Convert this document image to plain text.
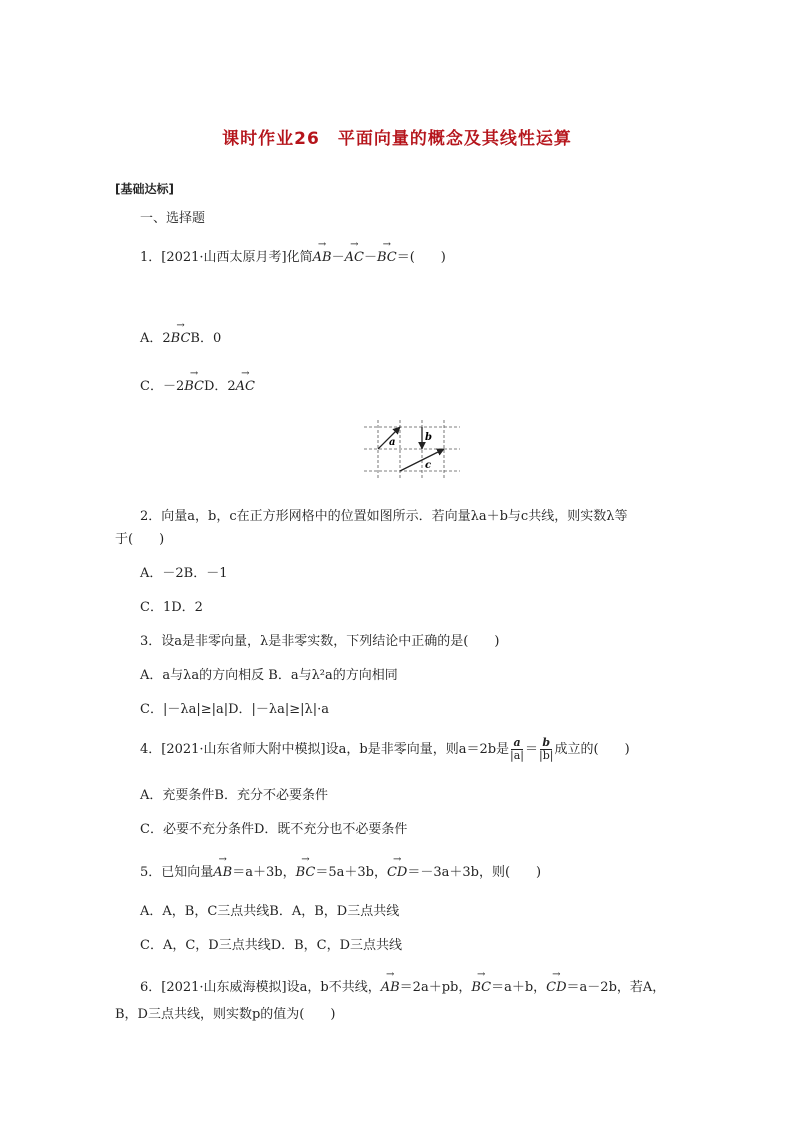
课时作业26　平面向量的概念及其线性运算
[基础达标]
一、选择题
1．[2021·山西太原月考]化简→ AB－→ AC－→ BC＝(　　)
A．2→ BCB．0
C．－2→ BCD．2→ AC
a	b
c
2．向量a，b，c在正方形网格中的位置如图所示．若向量λa＋b与c共线，则实数λ等
于(　　)
A．－2B．－1
C．1D．2
3．设a是非零向量，λ是非零实数，下列结论中正确的是(　　)
A．a与λa的方向相反 B．a与λ²a的方向相同
C．|－λa|≥|a|D．|－λa|≥|λ|·a
4．[2021·山东省师大附中模拟]设a，b是非零向量，则a＝2b是 $\frac{a}{|a|} = \frac{b}{|b|}$ 成立的(　　)
A．充要条件B．充分不必要条件
C．必要不充分条件D．既不充分也不必要条件
5．已知向量→ AB＝a＋3b，→ BC＝5a＋3b，→ CD＝－3a＋3b，则(　　)
A．A，B，C三点共线B．A，B，D三点共线
C．A，C，D三点共线D．B，C，D三点共线
6．[2021·山东威海模拟]设a，b不共线，→ AB＝2a＋pb，→ BC＝a＋b，→ CD＝a－2b，若A，
B，D三点共线，则实数p的值为(　　)
